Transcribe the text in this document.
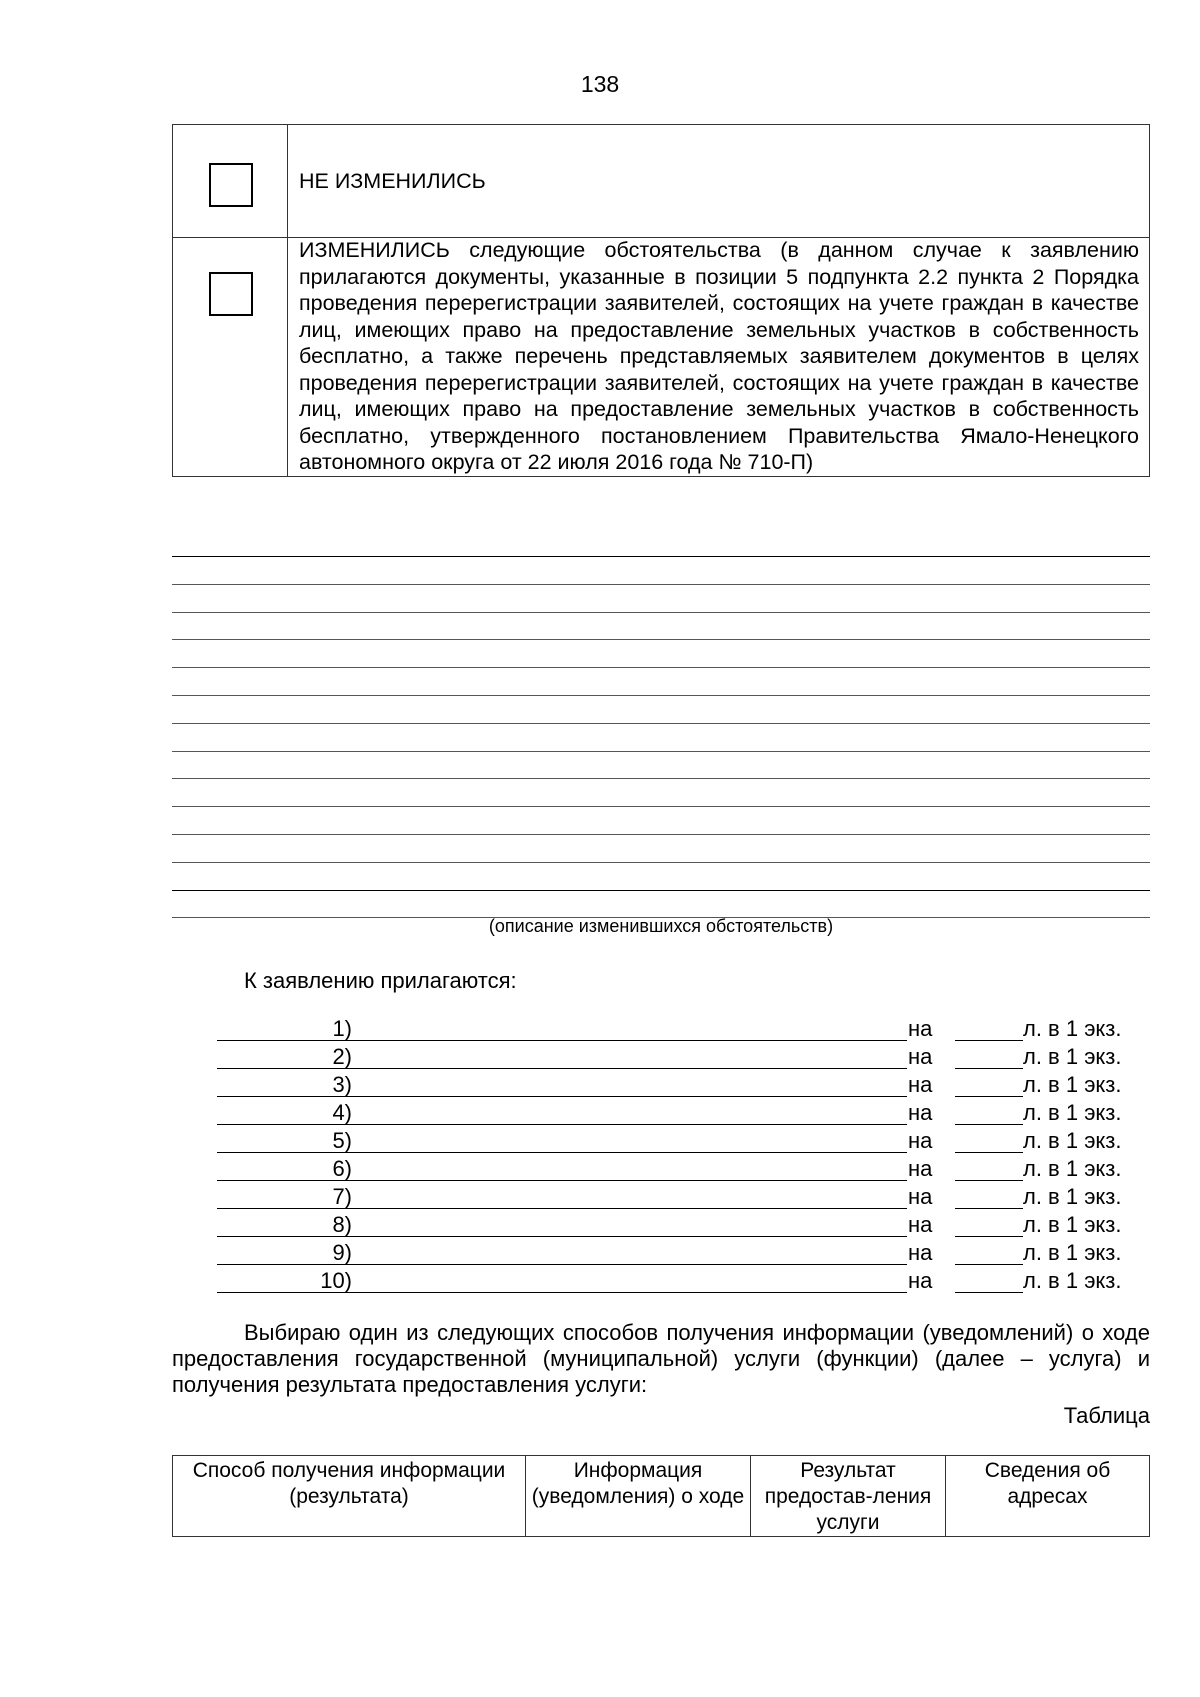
138

	НЕ ИЗМЕНИЛИСЬ

	ИЗМЕНИЛИСЬ следующие обстоятельства (в данном случае к заявлению прилагаются документы, указанные в позиции 5 подпункта 2.2 пункта 2 Порядка проведения перерегистрации заявителей, состоящих на учете граждан в качестве лиц, имеющих право на предоставление земельных участков в собственность бесплатно, а также перечень представляемых заявителем документов в целях проведения перерегистрации заявителей, состоящих на учете граждан в качестве лиц, имеющих право на предоставление земельных участков в собственность бесплатно, утвержденного постановлением Правительства Ямало-Ненецкого автономного округа от 22 июля 2016 года № 710-П)
(описание изменившихся обстоятельств)
К заявлению прилагаются:
1)	на	л. в 1 экз.
2)	на	л. в 1 экз.
3)	на	л. в 1 экз.
4)	на	л. в 1 экз.
5)	на	л. в 1 экз.
6)	на	л. в 1 экз.
7)	на	л. в 1 экз.
8)	на	л. в 1 экз.
9)	на	л. в 1 экз.
10)	на	л. в 1 экз.
Выбираю один из следующих способов получения информации (уведомлений) о ходе предоставления государственной (муниципальной) услуги (функции) (далее – услуга) и получения результата предоставления услуги:
Таблица
Способ получения информации (результата)	Информация (уведомления) о ходе	Результат предостав-ления услуги	Сведения об адресах
